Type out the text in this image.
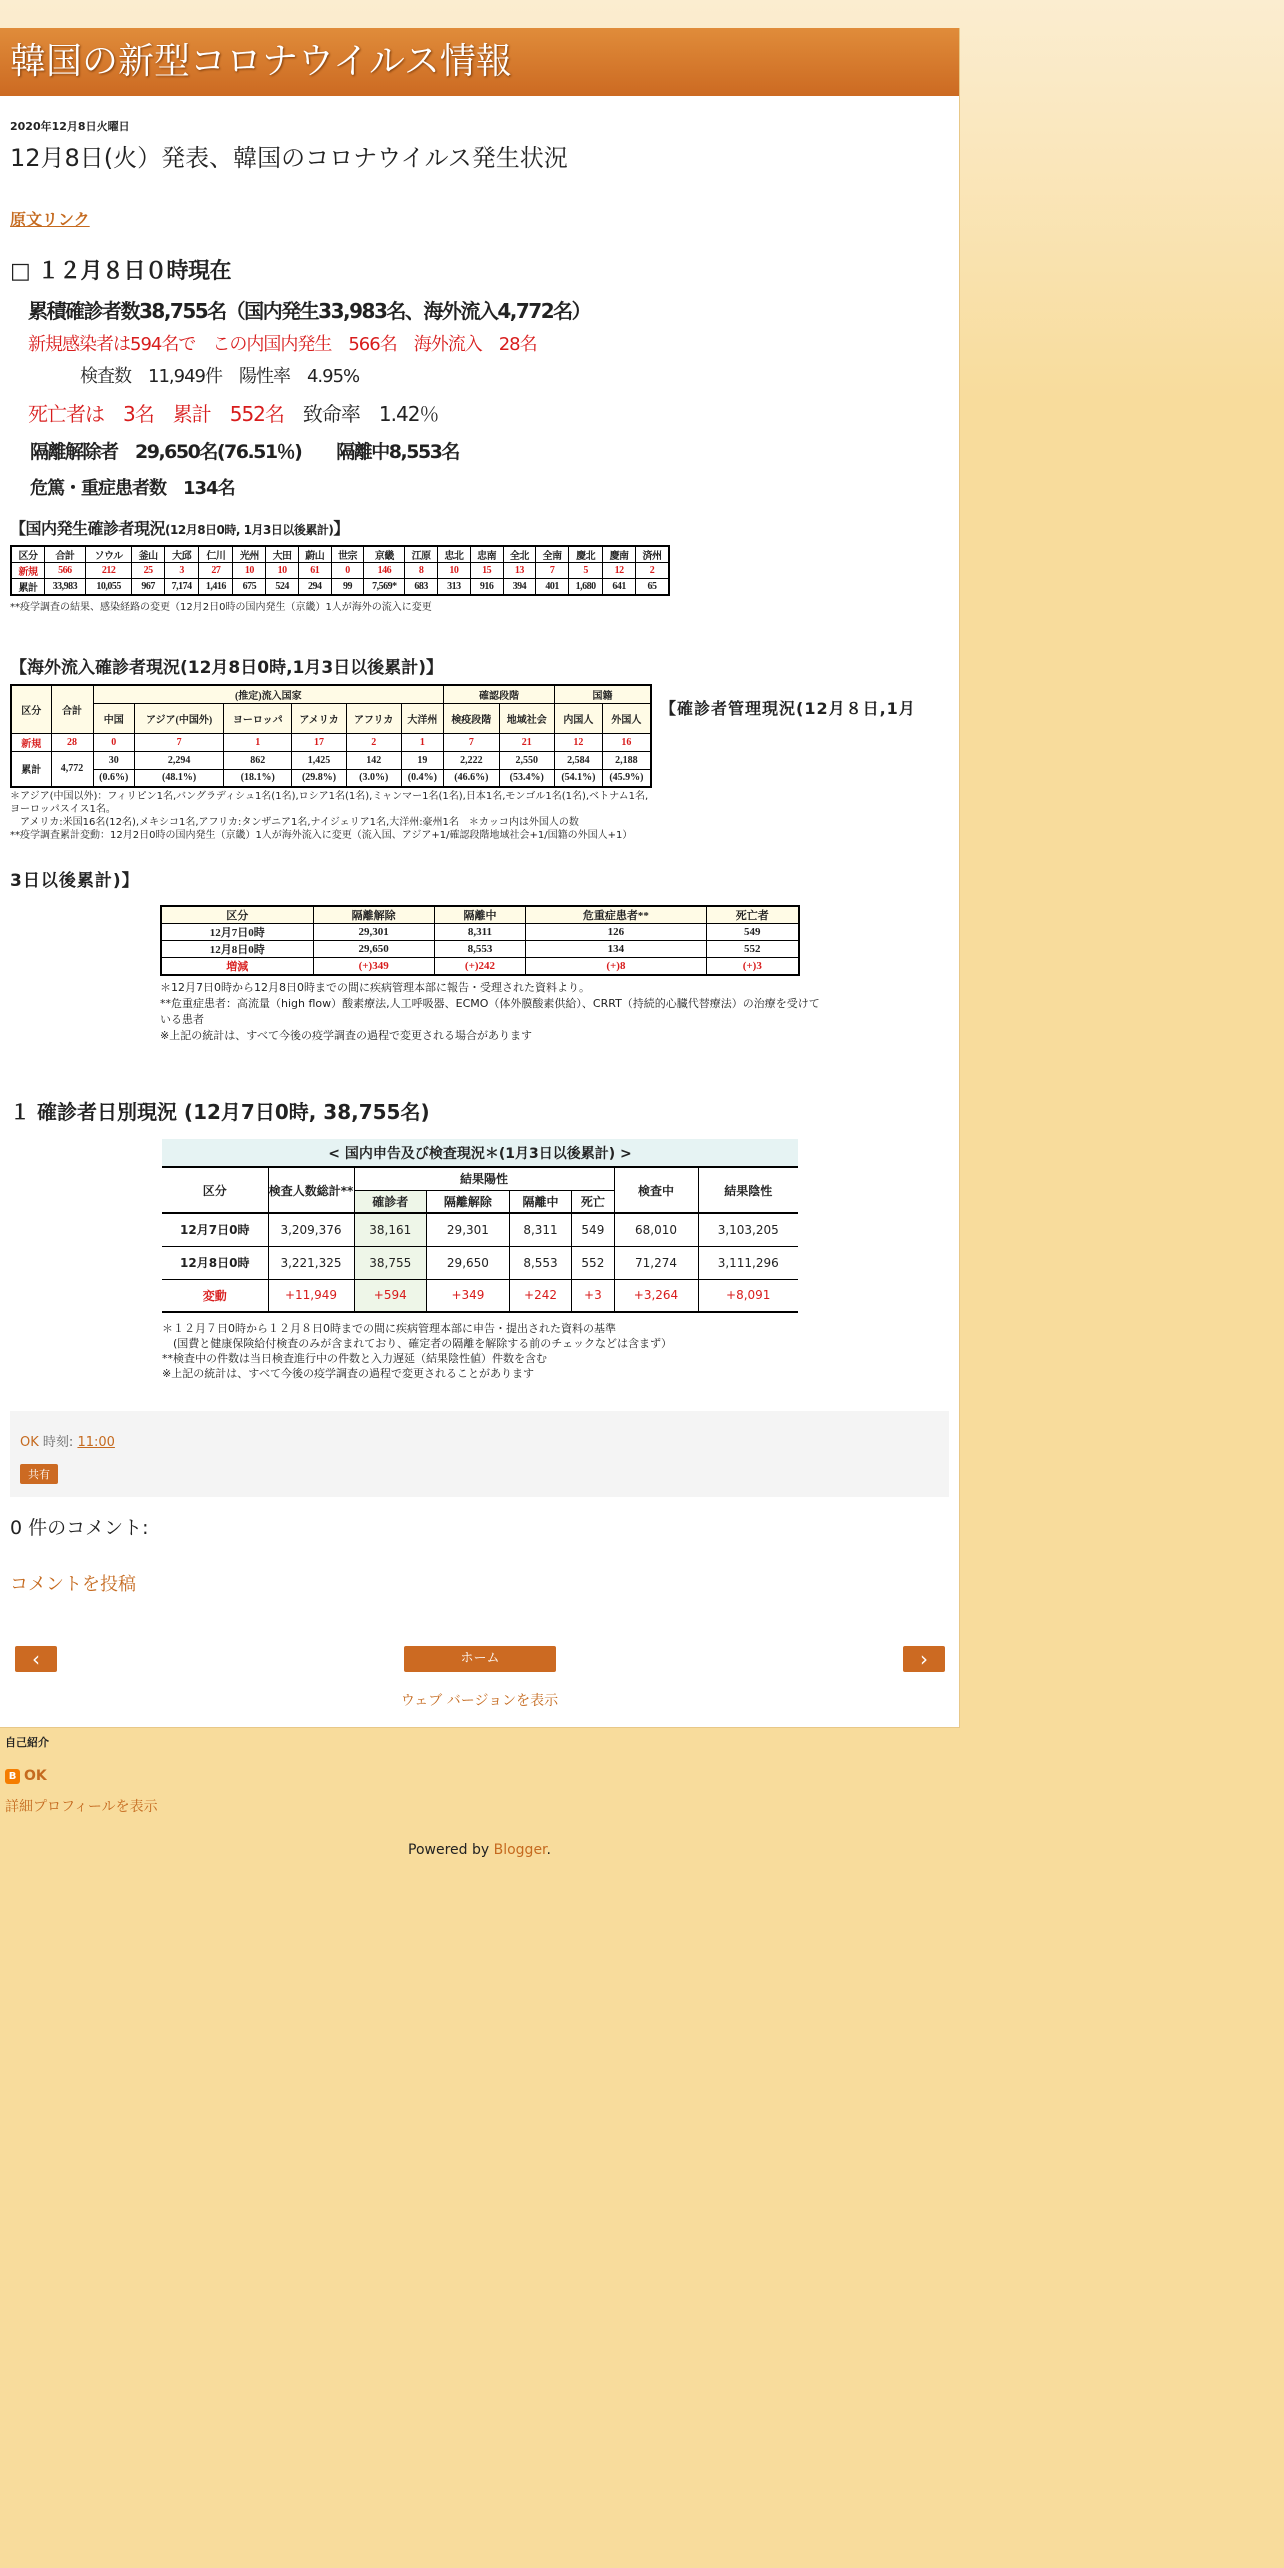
韓国の新型コロナウイルス情報
2020年12月8日火曜日
12月8日(火）発表、韓国のコロナウイルス発生状況
原文リンク
□ １２月８日０時現在
累積確診者数38,755名（国内発生33,983名、海外流入4,772名）
新規感染者は594名で　この内国内発生　566名　海外流入　28名
検査数　11,949件　陽性率　4.95%
死亡者は　3名　累計　552名　 致命率　1.42％
隔離解除者　29,650名(76.51％)　　隔離中8,553名
危篤・重症患者数　134名
【国内発生確診者現況(12月8日0時, 1月3日以後累計)】
区分	合計	ソウル	釜山	大邱	仁川	光州	大田	蔚山	世宗	京畿	江原	忠北	忠南	全北	全南	慶北	慶南	済州
新規	566	212	25	3	27	10	10	61	0	146	8	10	15	13	7	5	12	2
累計	33,983	10,055	967	7,174	1,416	675	524	294	99	7,569*	683	313	916	394	401	1,680	641	65
**疫学調査の結果、感染経路の変更（12月2日0時の国内発生（京畿）1人が海外の流入に変更
【海外流入確診者現況(12月8日0時,1月3日以後累計)】
区分	合計	(推定)流入国家						確認段階		国籍	
		中国	アジア(中国外)	ヨーロッパ	アメリカ	アフリカ	大洋州	検疫段階	地域社会	内国人	外国人
新規	28	0	7	1	17	2	1	7	21	12	16
累計	4,772	30	2,294	862	1,425	142	19	2,222	2,550	2,584	2,188
		(0.6%)	(48.1%)	(18.1%)	(29.8%)	(3.0%)	(0.4%)	(46.6%)	(53.4%)	(54.1%)	(45.9%)
【確診者管理現況(12月８日,1月
＊アジア(中国以外)：フィリピン1名,バングラディシュ1名(1名),ロシア1名(1名),ミャンマー1名(1名),日本1名,モンゴル1名(1名),ベトナム1名,ヨーロッパスイス1名。
　アメリカ:米国16名(12名),メキシコ1名,アフリカ:タンザニア1名,ナイジェリア1名,大洋州:豪州1名　＊カッコ内は外国人の数
**疫学調査累計変動：12月2日0時の国内発生（京畿）1人が海外流入に変更（流入国、アジア+1/確認段階地域社会+1/国籍の外国人+1）
3日以後累計)】
区分	隔離解除	隔離中	危重症患者**	死亡者
12月7日0時	29,301	8,311	126	549
12月8日0時	29,650	8,553	134	552
増減	(+)349	(+)242	(+)8	(+)3
＊12月7日0時から12月8日0時までの間に疾病管理本部に報告・受理された資料より。
**危重症患者：高流量（high flow）酸素療法,人工呼吸器、ECMO（体外膜酸素供給）、CRRT（持続的心臓代替療法）の治療を受けている患者
※上記の統計は、すべて今後の疫学調査の過程で変更される場合があります
１ 確診者日別現況 (12月7日0時, 38,755名)
< 国内申告及び検査現況＊(1月3日以後累計) >							
区分	検査人数総計**	結果陽性				検査中	結果陰性
		確診者	隔離解除	隔離中	死亡		
12月7日0時	3,209,376	38,161	29,301	8,311	549	68,010	3,103,205
12月8日0時	3,221,325	38,755	29,650	8,553	552	71,274	3,111,296
変動	+11,949	+594	+349	+242	+3	+3,264	+8,091
＊１２月７日0時から１２月８日0時までの間に疾病管理本部に申告・提出された資料の基準
　(国費と健康保険給付検査のみが含まれており、確定者の隔離を解除する前のチェックなどは含まず）
**検査中の件数は当日検査進行中の件数と入力遅延（結果陰性値）件数を含む
※上記の統計は、すべて今後の疫学調査の過程で変更されることがあります
OK 時刻: 11:00
共有
0 件のコメント:
コメントを投稿
‹	ホーム	›
ウェブ バージョンを表示
自己紹介
B OK
詳細プロフィールを表示
Powered by Blogger.
